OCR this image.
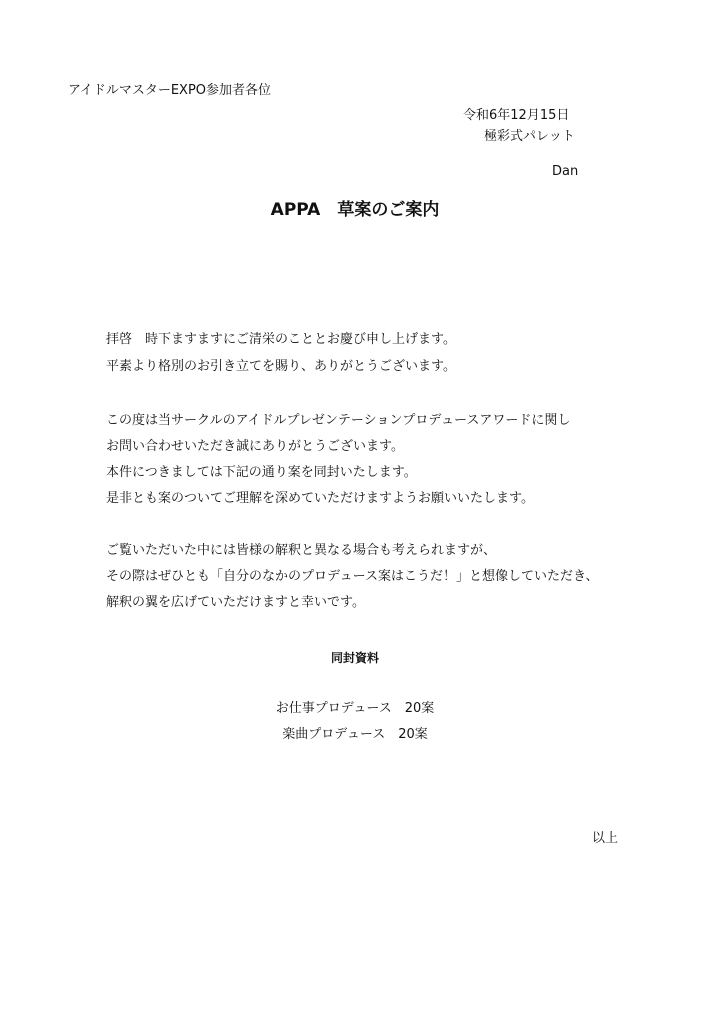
アイドルマスターEXPO参加者各位
令和6年12月15日
極彩式パレット
Dan
APPA　草案のご案内
拝啓　時下ますますにご清栄のこととお慶び申し上げます。
平素より格別のお引き立てを賜り、ありがとうございます。
この度は当サークルのアイドルプレゼンテーションプロデュースアワードに関し
お問い合わせいただき誠にありがとうございます。
本件につきましては下記の通り案を同封いたします。
是非とも案のついてご理解を深めていただけますようお願いいたします。
ご覧いただいた中には皆様の解釈と異なる場合も考えられますが、
その際はぜひとも「自分のなかのプロデュース案はこうだ！」と想像していただき、
解釈の翼を広げていただけますと幸いです。
同封資料
お仕事プロデュース　20案
楽曲プロデュース　20案
以上
